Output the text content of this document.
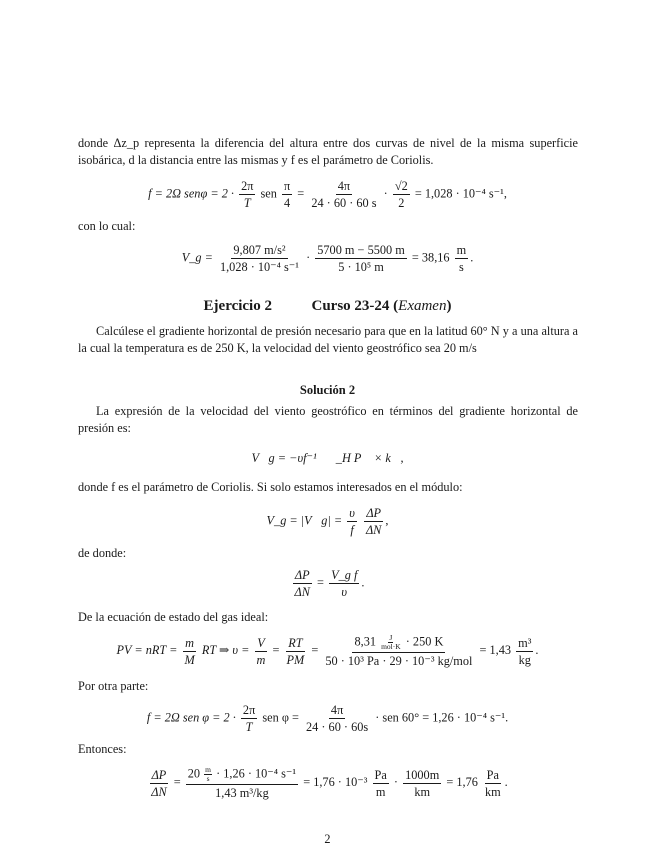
donde Δz_p representa la diferencia del altura entre dos curvas de nivel de la misma superficie isobárica, d la distancia entre las mismas y f es el parámetro de Coriolis.
f = 2Ω $sen\varphi = 2 \cdot \frac{2\pi}{T}$ sen $\frac{\pi}{4} = \frac{4\pi}{24 \cdot 60 \cdot 60 s} \cdot \frac{√2}{2} = 1,028 \cdot 10^{-4}$ s⁻¹,
con lo cual:
V_g = $\frac{\text{9,807 m/s²}}{\text{1,028 · 10⁻⁴ s⁻¹}} \cdot \frac{5700 m - 5500 m}{\text{5 · 10⁵ m}} = 38,16 \frac{m}{s}$ .
Ejercicio 2	Curso 23-24 (Examen)
Calcúlese el gradiente horizontal de presión necesario para que en la latitud 60° N y a una altura a la cual la temperatura es de 250 K, la velocidad del viento geostrófico sea 20 m/s
Solución 2
La expresión de la velocidad del viento geostrófico en términos del gradiente horizontal de presión es:
V⃗g = −υf⁻¹∇⃗_H P⃗ × k⃗,
donde f es el parámetro de Coriolis. Si solo estamos interesados en el módulo:
V_g = |V⃗g| = $\frac{\upsilon}{f}$
$\frac{\Delta P}{\Delta N}$ ,
de donde:
$\frac{\Delta P}{\Delta N} = \frac{\text{V\_g f}}{\upsilon}$ .
De la ecuación de estado del gas ideal:
PV = nRT = $\frac{m}{M}$ RT ⇒ $\upsilon = \frac{V}{m} = \frac{RT}{PM} = 8,31$ J
mol·K · 250 K
50 · 10³ Pa · 29 · 10⁻³ $kg/mol = 1,43 \frac{\text{m³}}{kg}$ .
Por otra parte:
f = 2Ω sen $\varphi = 2 \cdot \frac{2\pi}{T}$ sen $\varphi = \frac{4\pi}{24 \cdot 60 \cdot 60s}$ · sen 60° = 1,26 · 10⁻⁴ s⁻¹.
Entonces:
$\frac{\Delta P}{\Delta N} = \frac{20 \frac{m}{s} \cdot 1,26 \cdot 10^{-4} s^{-1}}{\text{1,43 m³/kg}} = 1,76 \cdot 10^{-3} \frac{Pa}{m} \cdot \frac{1000m}{km} = 1,76 \frac{Pa}{km}$ .
2
